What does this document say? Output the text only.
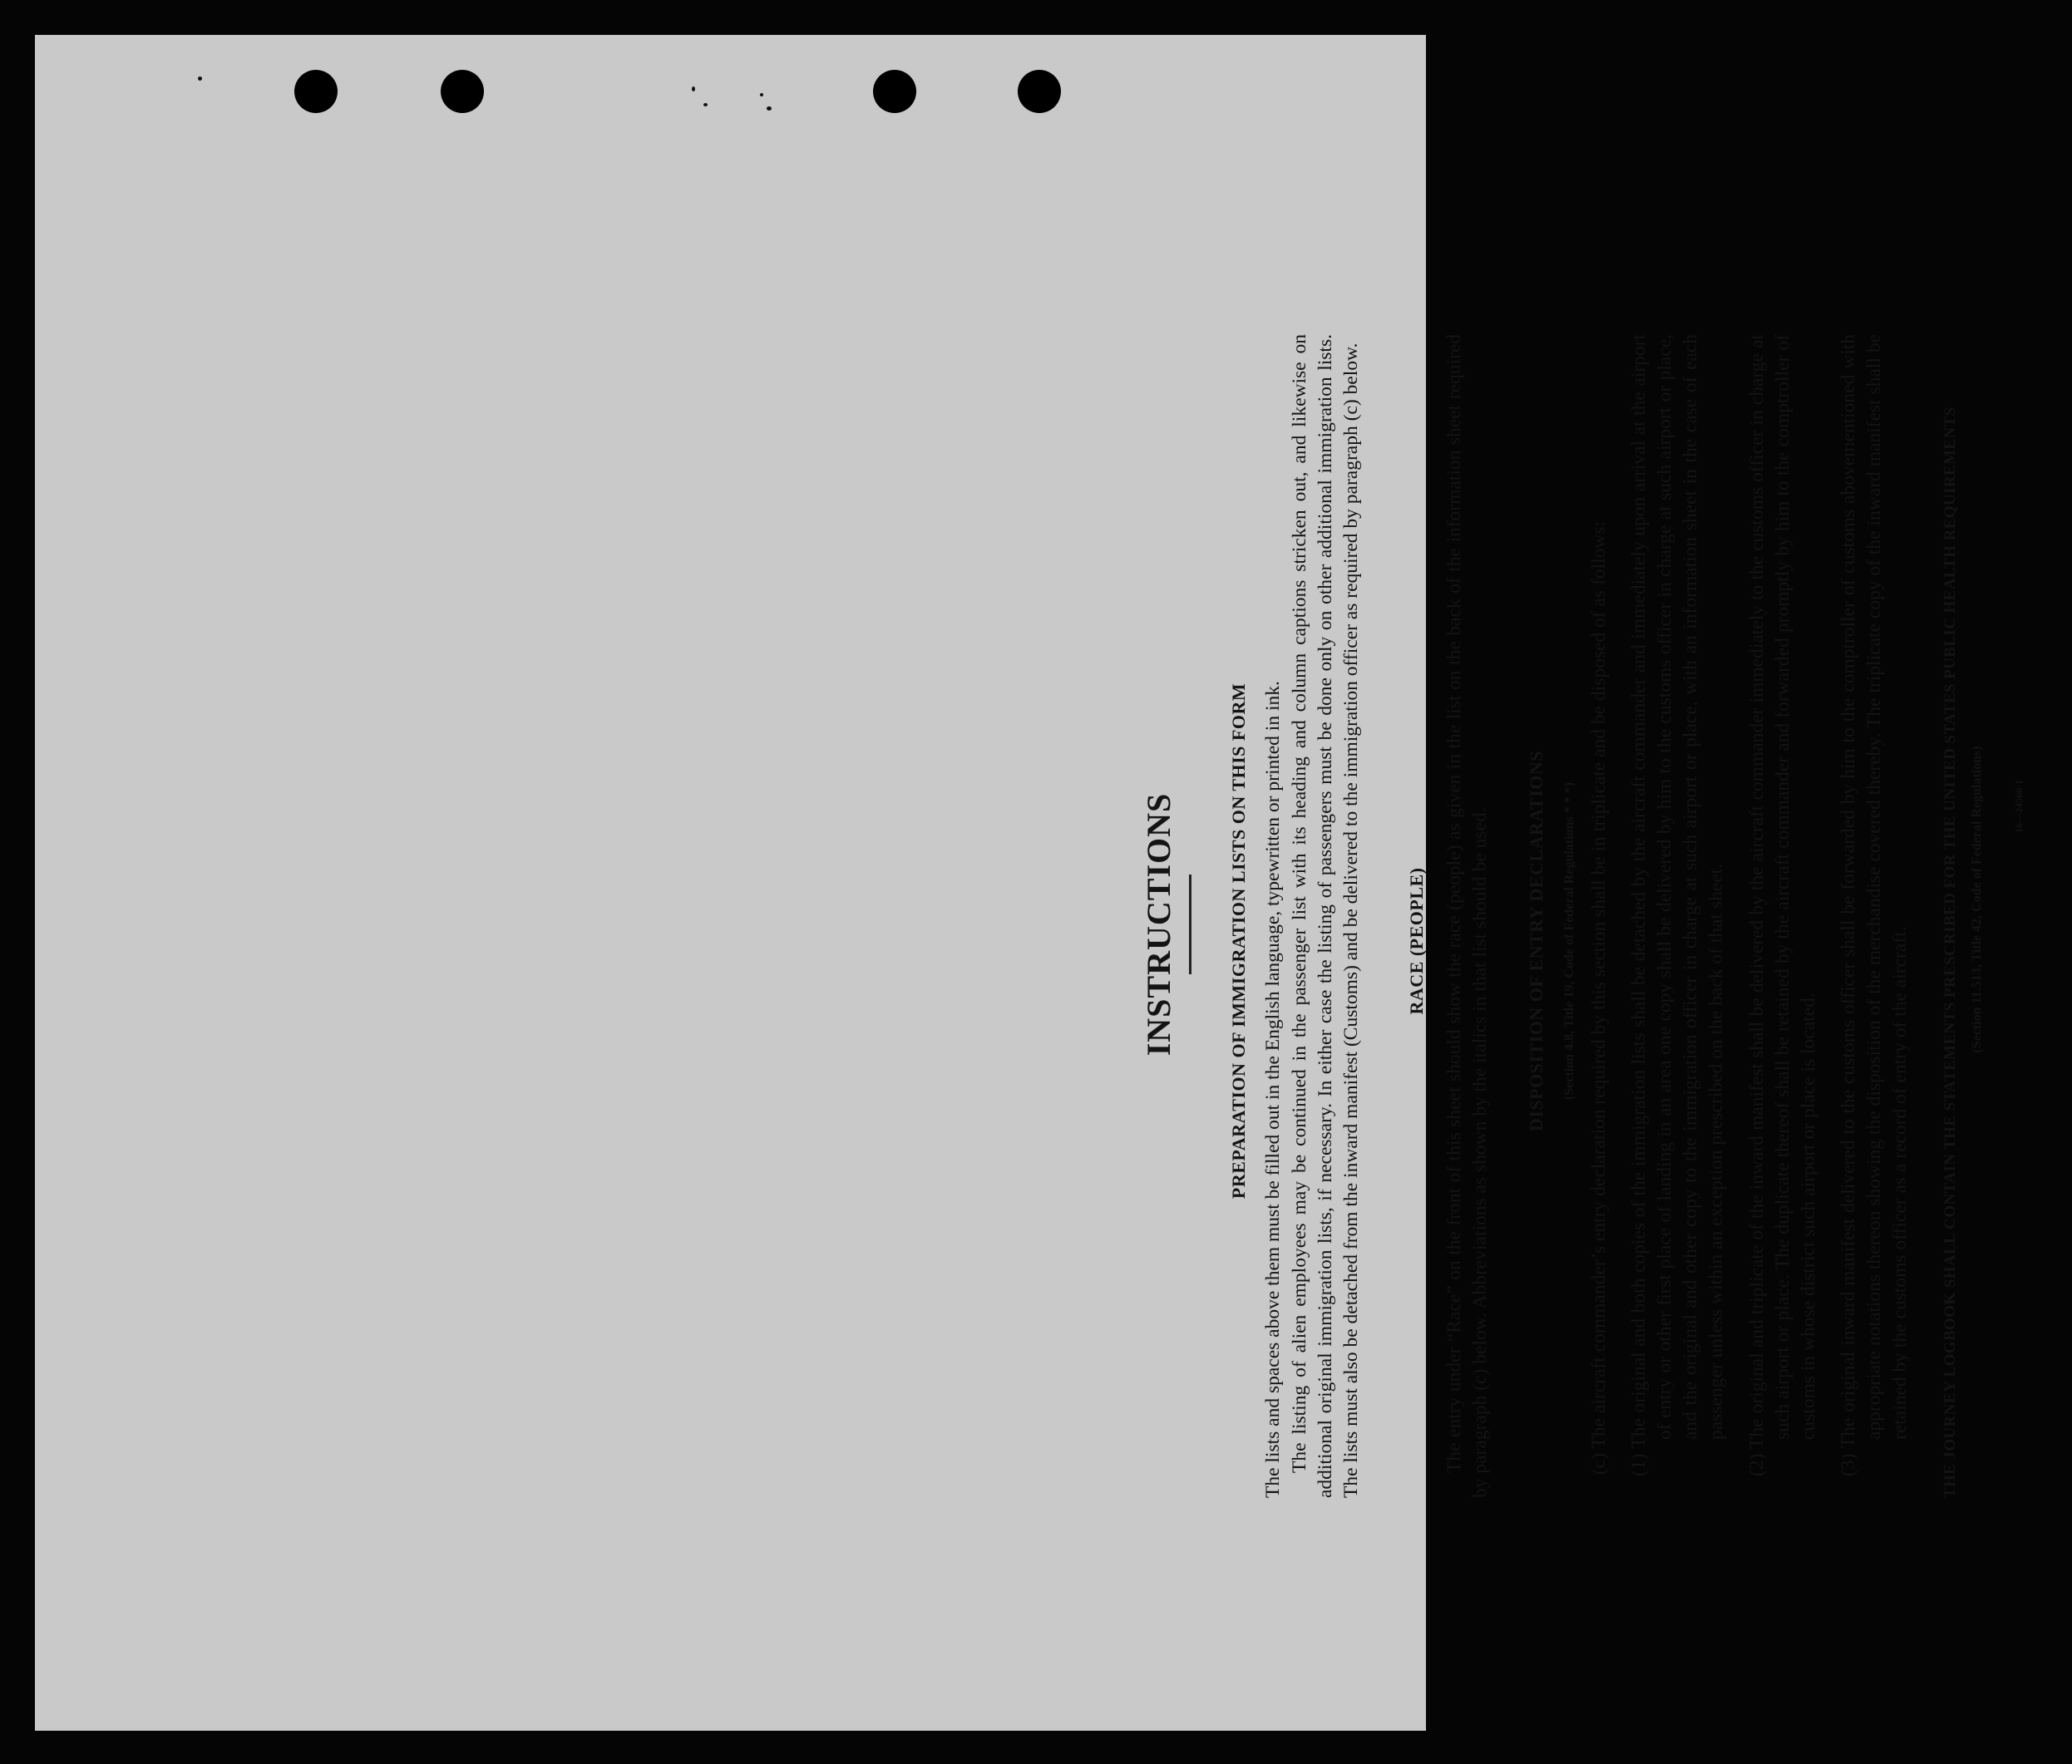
INSTRUCTIONS	PREPARATION OF IMMIGRATION LISTS ON THIS FORM The lists and spaces above them must be filled out in the English language, typewritten or printed in ink. The listing of alien employees may be continued in the passenger list with its heading and column captions stricken out, and likewise on additional original immigration lists, if necessary. In either case the listing of passengers must be done only on other additional immigration lists. The lists must also be detached from the inward manifest (Customs) and be delivered to the immigration officer as required by paragraph (c) below. RACE (PEOPLE) The entry under “Race” on the front of this sheet should show the race (people) as given in the list on the back of the information sheet required by paragraph (c) below. Abbreviations as shown by the italics in that list should be used. DISPOSITION OF ENTRY DECLARATIONS	(Section 4.8, Title 19, Code of Federal Regulations * * *) (c) The aircraft commander’s entry declaration required by this section shall be in triplicate and be disposed of as follows: (1) The original and both copies of the immigration lists shall be detached by the aircraft commander and immediately upon arrival at the airport of entry or other first place of landing in an area one copy shall be delivered by him to the customs officer in charge at such airport or place, and the original and other copy to the immigration officer in charge at such airport or place, with an information sheet in the case of each passenger unless within an exception prescribed on the back of that sheet. (2) The original and triplicate of the inward manifest shall be delivered by the aircraft commander immediately to the customs officer in charge at such airport or place. The duplicate thereof shall be retained by the aircraft commander and forwarded promptly by him to the comptroller of customs in whose district such airport or place is located. (3) The original inward manifest delivered to the customs officer shall be forwarded by him to the comptroller of customs abovementioned with appropriate notations thereon showing the disposition of the merchandise covered thereby. The triplicate copy of the inward manifest shall be retained by the customs officer as a record of entry of the aircraft. THE JOURNEY LOGBOOK SHALL CONTAIN THE STATEMENTS PRESCRIBED FOR THE UNITED STATES PUBLIC HEALTH REQUIREMENTS (Section 11.513, Title 42, Code of Federal Regulations)	16—24560-1
